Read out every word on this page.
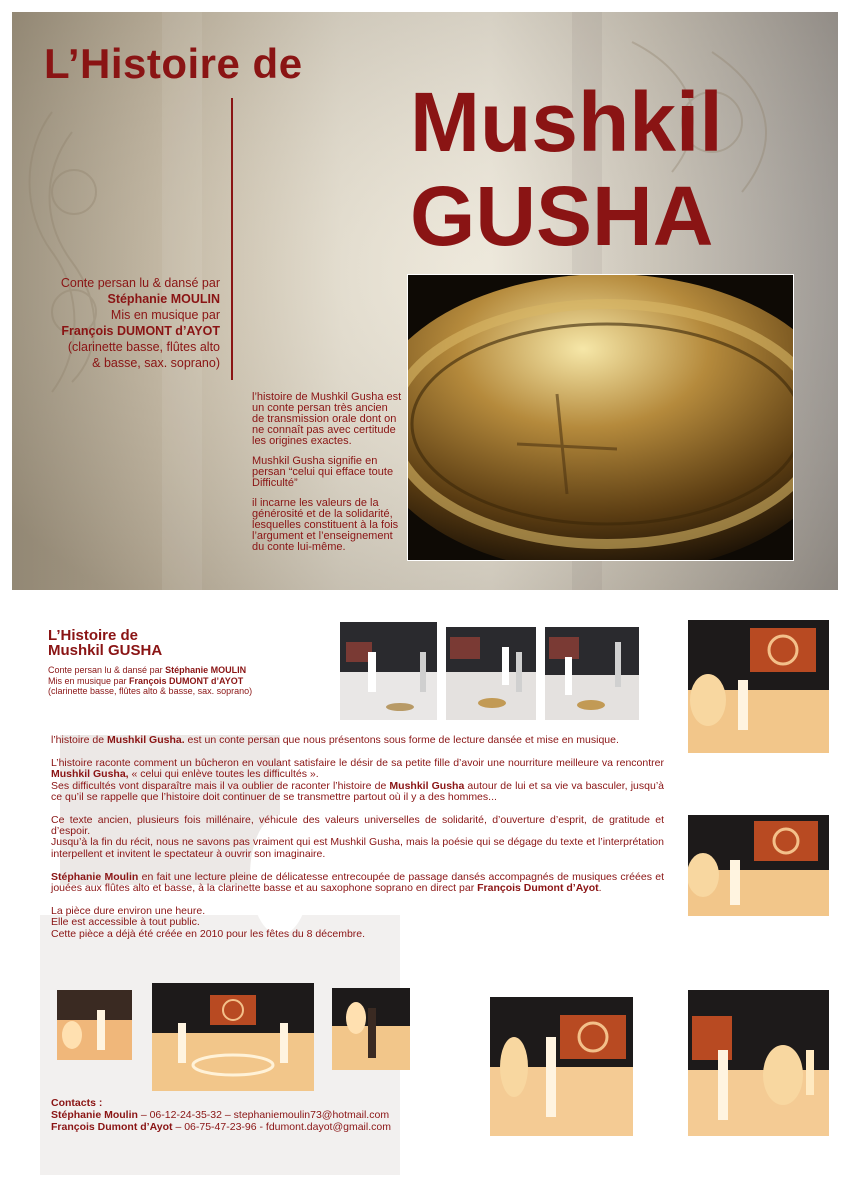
L’Histoire de
Mushkil
GUSHA
Conte persan lu & dansé par
Stéphanie MOULIN
Mis en musique par
François DUMONT d’AYOT
(clarinette basse, flûtes alto
& basse, sax. soprano)

l’histoire de Mushkil Gusha est un conte persan très ancien de transmission orale dont on ne connaît pas avec certitude les origines exactes.

Mushkil Gusha signifie en persan “celui qui efface toute Difficulté”

il incarne les valeurs de la générosité et de la solidarité, lesquelles constituent à la fois l’argument et l’enseignement du conte lui-même.

L’Histoire de
Mushkil GUSHA
Conte persan lu & dansé par Stéphanie MOULIN
Mis en musique par François DUMONT d’AYOT
(clarinette basse, flûtes alto & basse, sax. soprano)

l’histoire de Mushkil Gusha. est un conte persan que nous présentons sous forme de lecture dansée et mise en musique.

L’histoire raconte comment un bûcheron en voulant satisfaire le désir de sa petite fille d’avoir une nourriture meilleure va rencontrer Mushkil Gusha, « celui qui enlève toutes les difficultés ».
Ses difficultés vont disparaître mais il va oublier de raconter l’histoire de Mushkil Gusha autour de lui et sa vie va basculer, jusqu’à ce qu’il se rappelle que l’histoire doit continuer de se transmettre partout où il y a des hommes...

Ce texte ancien, plusieurs fois millénaire, véhicule des valeurs universelles de solidarité, d’ouverture d’esprit, de gratitude et d’espoir.
Jusqu’à la fin du récit, nous ne savons pas vraiment qui est Mushkil Gusha, mais la poésie qui se dégage du texte et l’interprétation interpellent et invitent le spectateur à ouvrir son imaginaire.

Stéphanie Moulin en fait une lecture pleine de délicatesse entrecoupée de passage dansés accompagnés de musiques créées et jouées aux flûtes alto et basse, à la clarinette basse et au saxophone soprano en direct par François Dumont d’Ayot.

La pièce dure environ une heure.
Elle est accessible à tout public.
Cette pièce a déjà été créée en 2010 pour les fêtes du 8 décembre.

Contacts :
Stéphanie Moulin – 06-12-24-35-32 – stephaniemoulin73@hotmail.com
François Dumont d’Ayot – 06-75-47-23-96 - fdumont.dayot@gmail.com
